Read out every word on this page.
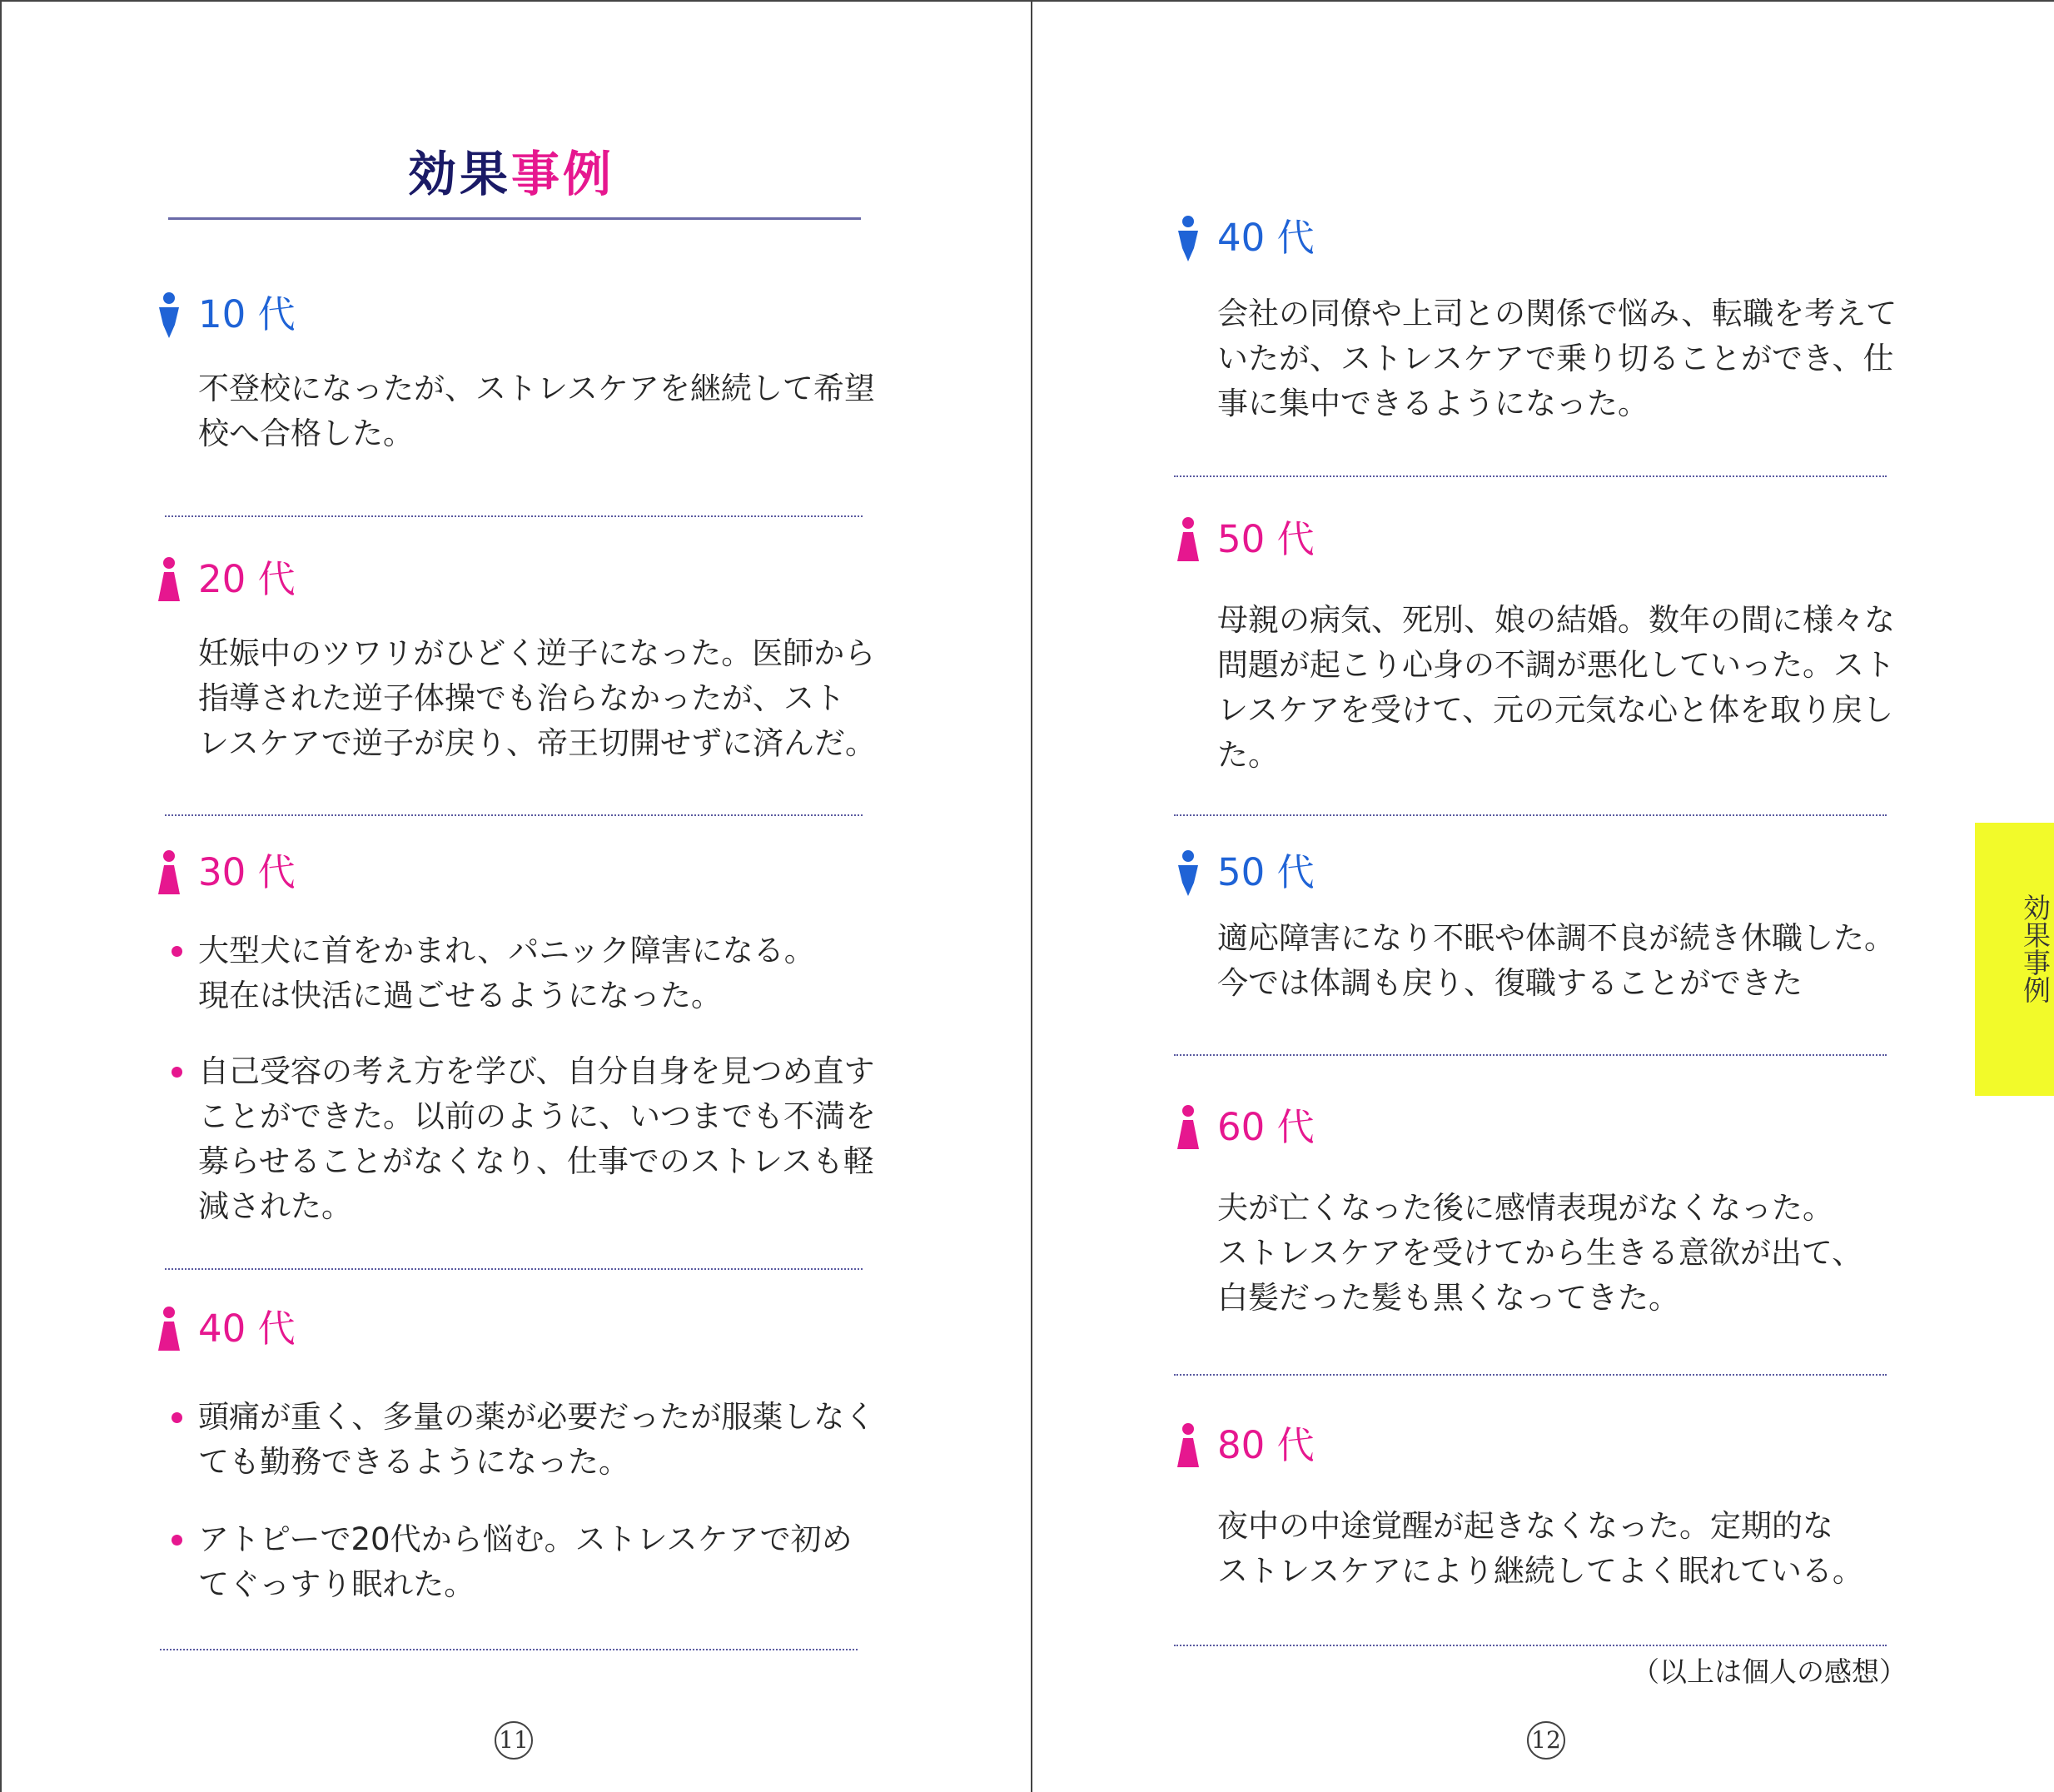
効果事例
10 代
不登校になったが、ストレスケアを継続して希望
校へ合格した。
20 代
妊娠中のツワリがひどく逆子になった。医師から
指導された逆子体操でも治らなかったが、スト
レスケアで逆子が戻り、帝王切開せずに済んだ。
30 代
大型犬に首をかまれ、パニック障害になる。
現在は快活に過ごせるようになった。
自己受容の考え方を学び、自分自身を見つめ直す
ことができた。以前のように、いつまでも不満を
募らせることがなくなり、仕事でのストレスも軽
減された。
40 代
頭痛が重く、多量の薬が必要だったが服薬しなく
ても勤務できるようになった。
アトピーで20代から悩む。ストレスケアで初め
てぐっすり眠れた。
11
40 代
会社の同僚や上司との関係で悩み、転職を考えて
いたが、ストレスケアで乗り切ることができ、仕
事に集中できるようになった。
50 代
母親の病気、死別、娘の結婚。数年の間に様々な
問題が起こり心身の不調が悪化していった。スト
レスケアを受けて、元の元気な心と体を取り戻し
た。
50 代
適応障害になり不眠や体調不良が続き休職した。
今では体調も戻り、復職することができた
60 代
夫が亡くなった後に感情表現がなくなった。
ストレスケアを受けてから生きる意欲が出て、
白髪だった髪も黒くなってきた。
80 代
夜中の中途覚醒が起きなくなった。定期的な
ストレスケアにより継続してよく眠れている。
（以上は個人の感想）
12
効果事例
